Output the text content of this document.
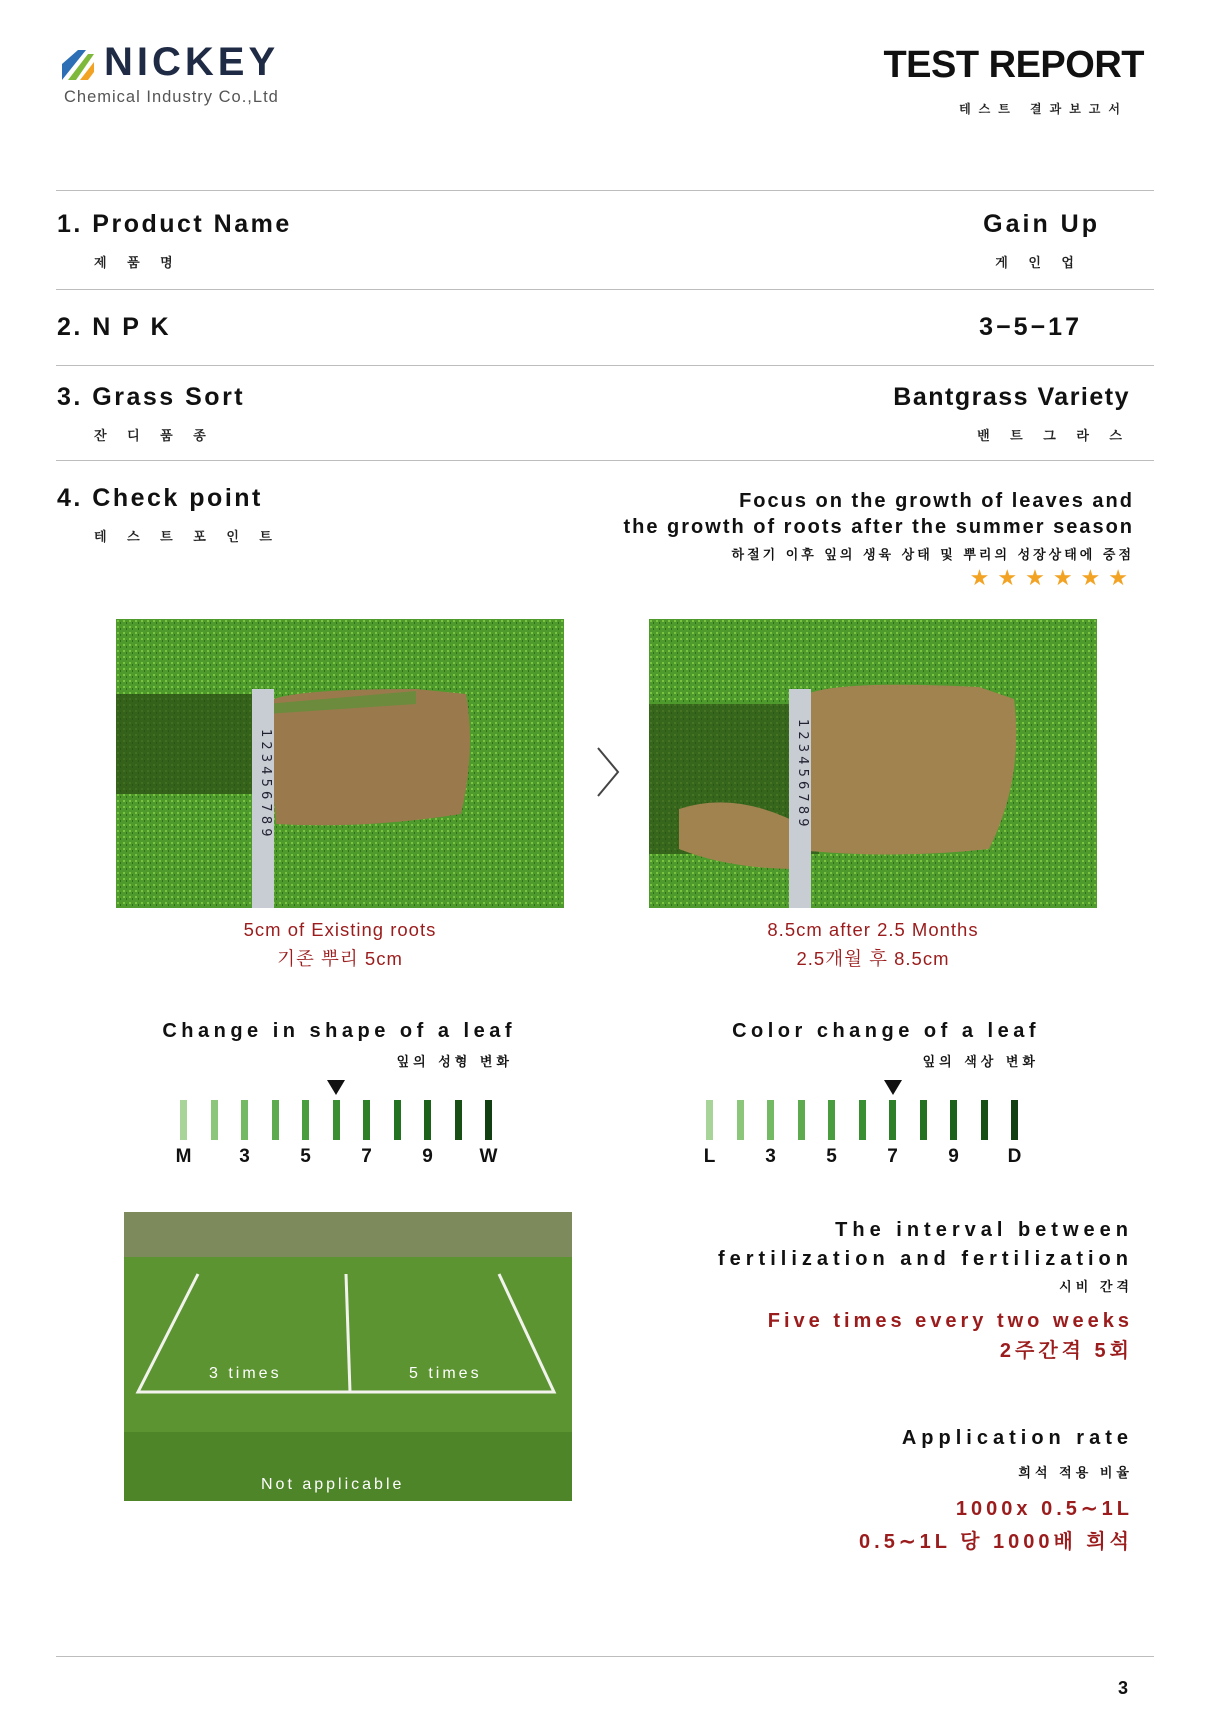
NICKEY
Chemical Industry Co.,Ltd
TEST REPORT
테스트 결과보고서
1. Product Name
제 품 명
Gain Up
게 인 업
2. N P K	3−5−17
3. Grass Sort
잔 디 품 종
Bantgrass Variety
밴 트 그 라 스
4. Check point
테 스 트 포 인 트
Focus on the growth of leaves and
the growth of roots after the summer season
하절기 이후 잎의 생육 상태 및 뿌리의 성장상태에 중점
★★★★★★
1 2 3 4 5 6 7 8 9	1 2 3 4 5 6 7 8 9
5cm of Existing roots
기존 뿌리 5cm
8.5cm after 2.5 Months
2.5개월 후 8.5cm
Change in shape of a leaf
잎의 성형 변화
M	3	5	7	9 W
Color change of a leaf
잎의 색상 변화
L	3	5	7	9	D
3 times	5 times
Not applicable
The interval between
fertilization and fertilization
시비 간격
Five times every two weeks
2주간격 5회
Application rate
희석 적용 비율
1000x 0.5∼1L
0.5∼1L 당 1000배 희석
3
